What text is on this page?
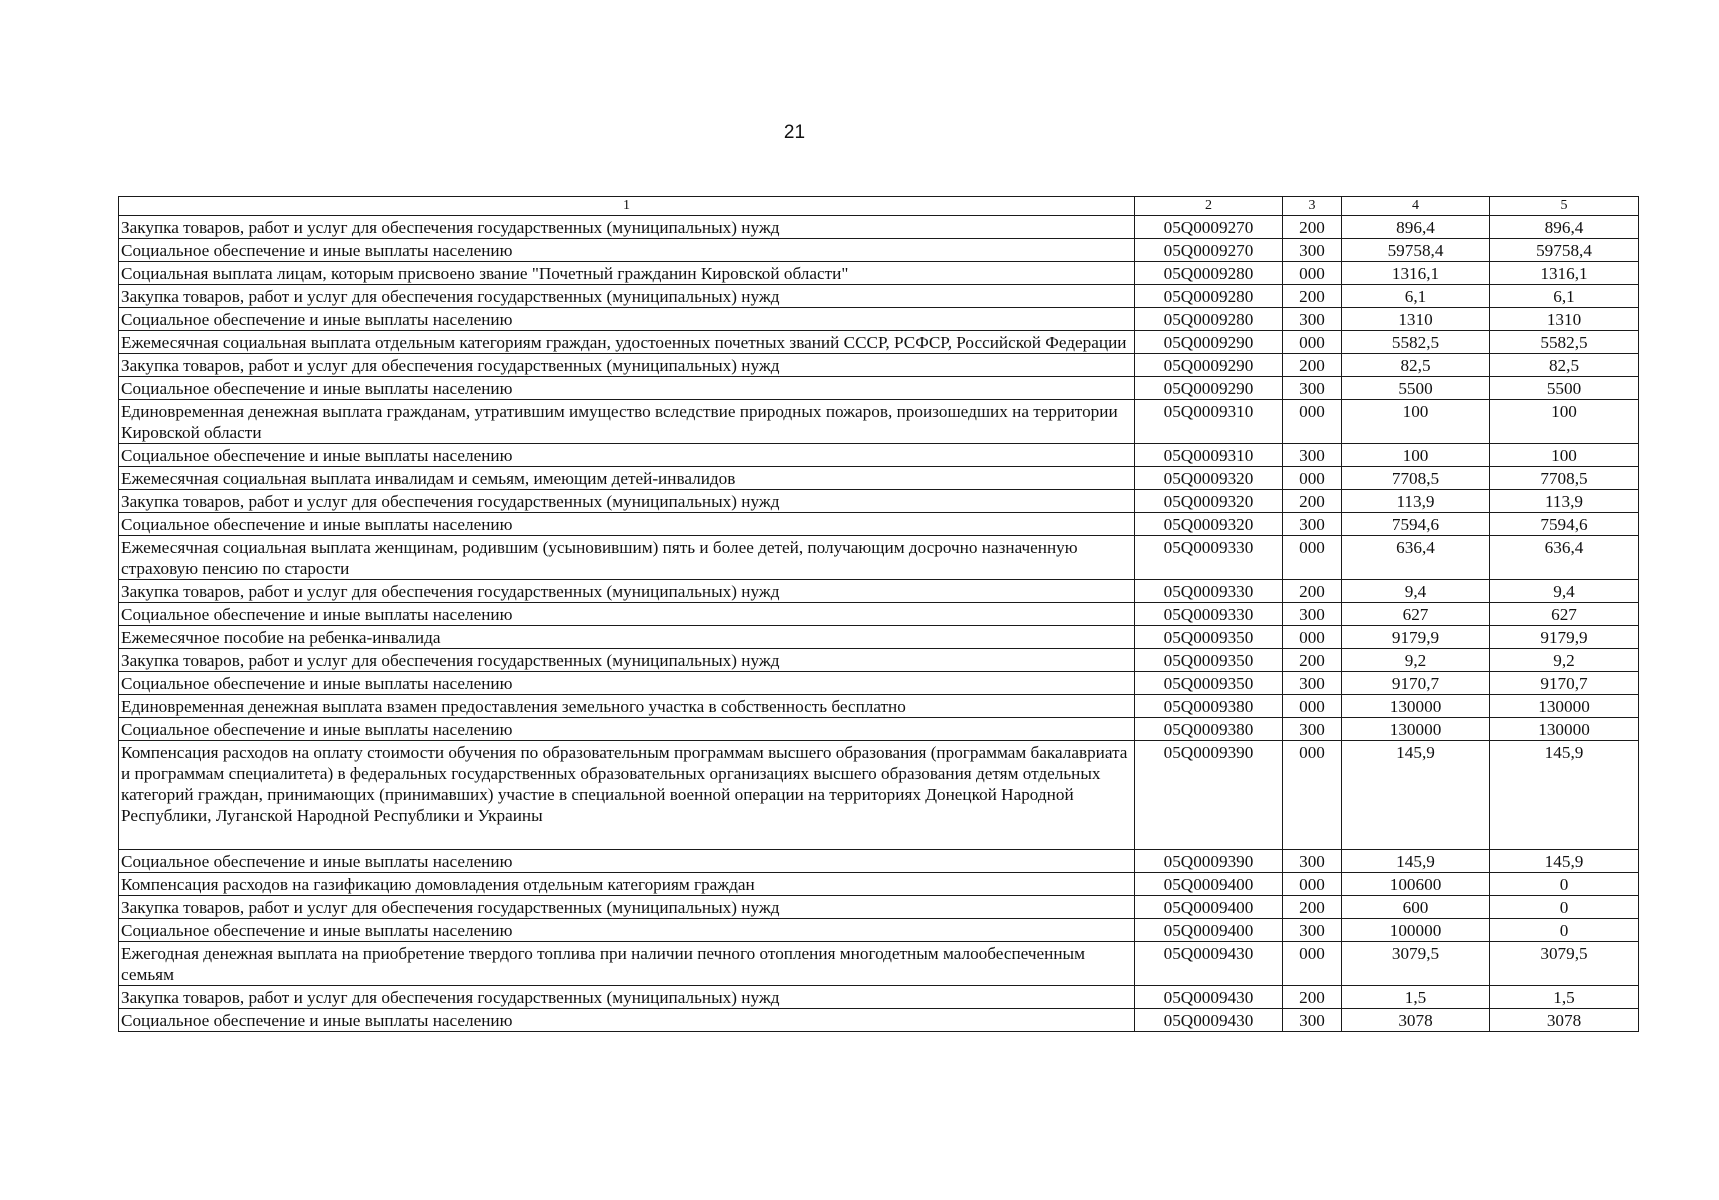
21
1	2	3	4	5
Закупка товаров, работ и услуг для обеспечения государственных (муниципальных) нужд	05Q0009270	200	896,4	896,4
Социальное обеспечение и иные выплаты населению	05Q0009270	300	59758,4	59758,4
Социальная выплата лицам, которым присвоено звание "Почетный гражданин Кировской области"	05Q0009280	000	1316,1	1316,1
Закупка товаров, работ и услуг для обеспечения государственных (муниципальных) нужд	05Q0009280	200	6,1	6,1
Социальное обеспечение и иные выплаты населению	05Q0009280	300	1310	1310
Ежемесячная социальная выплата отдельным категориям граждан, удостоенных почетных званий СССР, РСФСР, Российской Федерации	05Q0009290	000	5582,5	5582,5
Закупка товаров, работ и услуг для обеспечения государственных (муниципальных) нужд	05Q0009290	200	82,5	82,5
Социальное обеспечение и иные выплаты населению	05Q0009290	300	5500	5500
Единовременная денежная выплата гражданам, утратившим имущество вследствие природных пожаров, произошедших на территории Кировской области	05Q0009310	000	100	100
Социальное обеспечение и иные выплаты населению	05Q0009310	300	100	100
Ежемесячная социальная выплата инвалидам и семьям, имеющим детей-инвалидов	05Q0009320	000	7708,5	7708,5
Закупка товаров, работ и услуг для обеспечения государственных (муниципальных) нужд	05Q0009320	200	113,9	113,9
Социальное обеспечение и иные выплаты населению	05Q0009320	300	7594,6	7594,6
Ежемесячная социальная выплата женщинам, родившим (усыновившим) пять и более детей, получающим досрочно назначенную страховую пенсию по старости	05Q0009330	000	636,4	636,4
Закупка товаров, работ и услуг для обеспечения государственных (муниципальных) нужд	05Q0009330	200	9,4	9,4
Социальное обеспечение и иные выплаты населению	05Q0009330	300	627	627
Ежемесячное пособие на ребенка-инвалида	05Q0009350	000	9179,9	9179,9
Закупка товаров, работ и услуг для обеспечения государственных (муниципальных) нужд	05Q0009350	200	9,2	9,2
Социальное обеспечение и иные выплаты населению	05Q0009350	300	9170,7	9170,7
Единовременная денежная выплата взамен предоставления земельного участка в собственность бесплатно	05Q0009380	000	130000	130000
Социальное обеспечение и иные выплаты населению	05Q0009380	300	130000	130000
Компенсация расходов на оплату стоимости обучения по образовательным программам высшего образования (программам бакалавриата и программам специалитета) в федеральных государственных образовательных организациях высшего образования детям отдельных категорий граждан, принимающих (принимавших) участие в специальной военной операции на территориях Донецкой Народной Республики, Луганской Народной Республики и Украины	05Q0009390	000	145,9	145,9
Социальное обеспечение и иные выплаты населению	05Q0009390	300	145,9	145,9
Компенсация расходов на газификацию домовладения отдельным категориям граждан	05Q0009400	000	100600	0
Закупка товаров, работ и услуг для обеспечения государственных (муниципальных) нужд	05Q0009400	200	600	0
Социальное обеспечение и иные выплаты населению	05Q0009400	300	100000	0
Ежегодная денежная выплата на приобретение твердого топлива при наличии печного отопления многодетным малообеспеченным семьям	05Q0009430	000	3079,5	3079,5
Закупка товаров, работ и услуг для обеспечения государственных (муниципальных) нужд	05Q0009430	200	1,5	1,5
Социальное обеспечение и иные выплаты населению	05Q0009430	300	3078	3078
